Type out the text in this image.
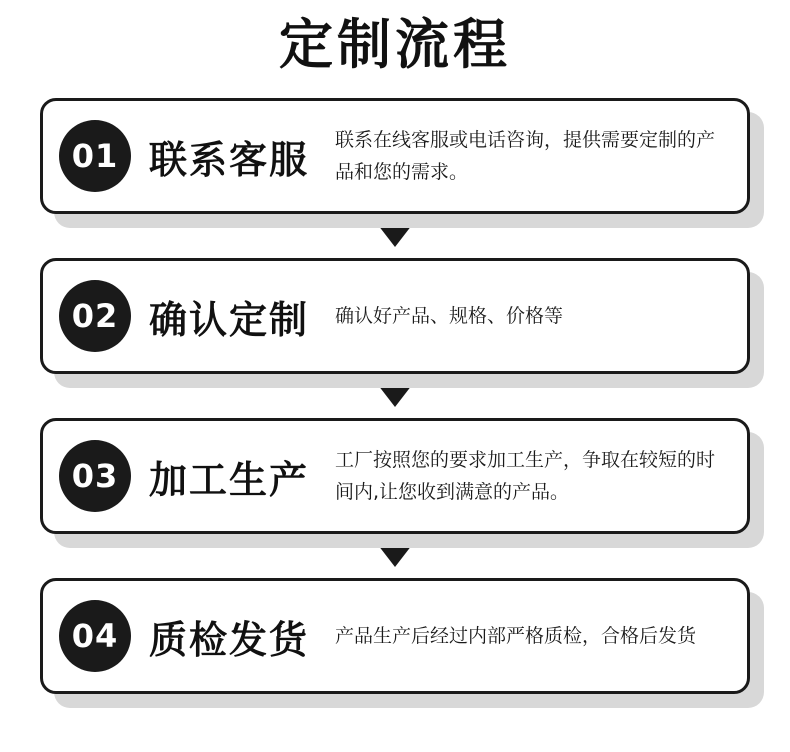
定制流程
01 联系客服 联系在线客服或电话咨询，提供需要定制的产品和您的需求。
02 确认定制 确认好产品、规格、价格等
03 加工生产 工厂按照您的要求加工生产，争取在较短的时间内,让您收到满意的产品。
04 质检发货 产品生产后经过内部严格质检，合格后发货
